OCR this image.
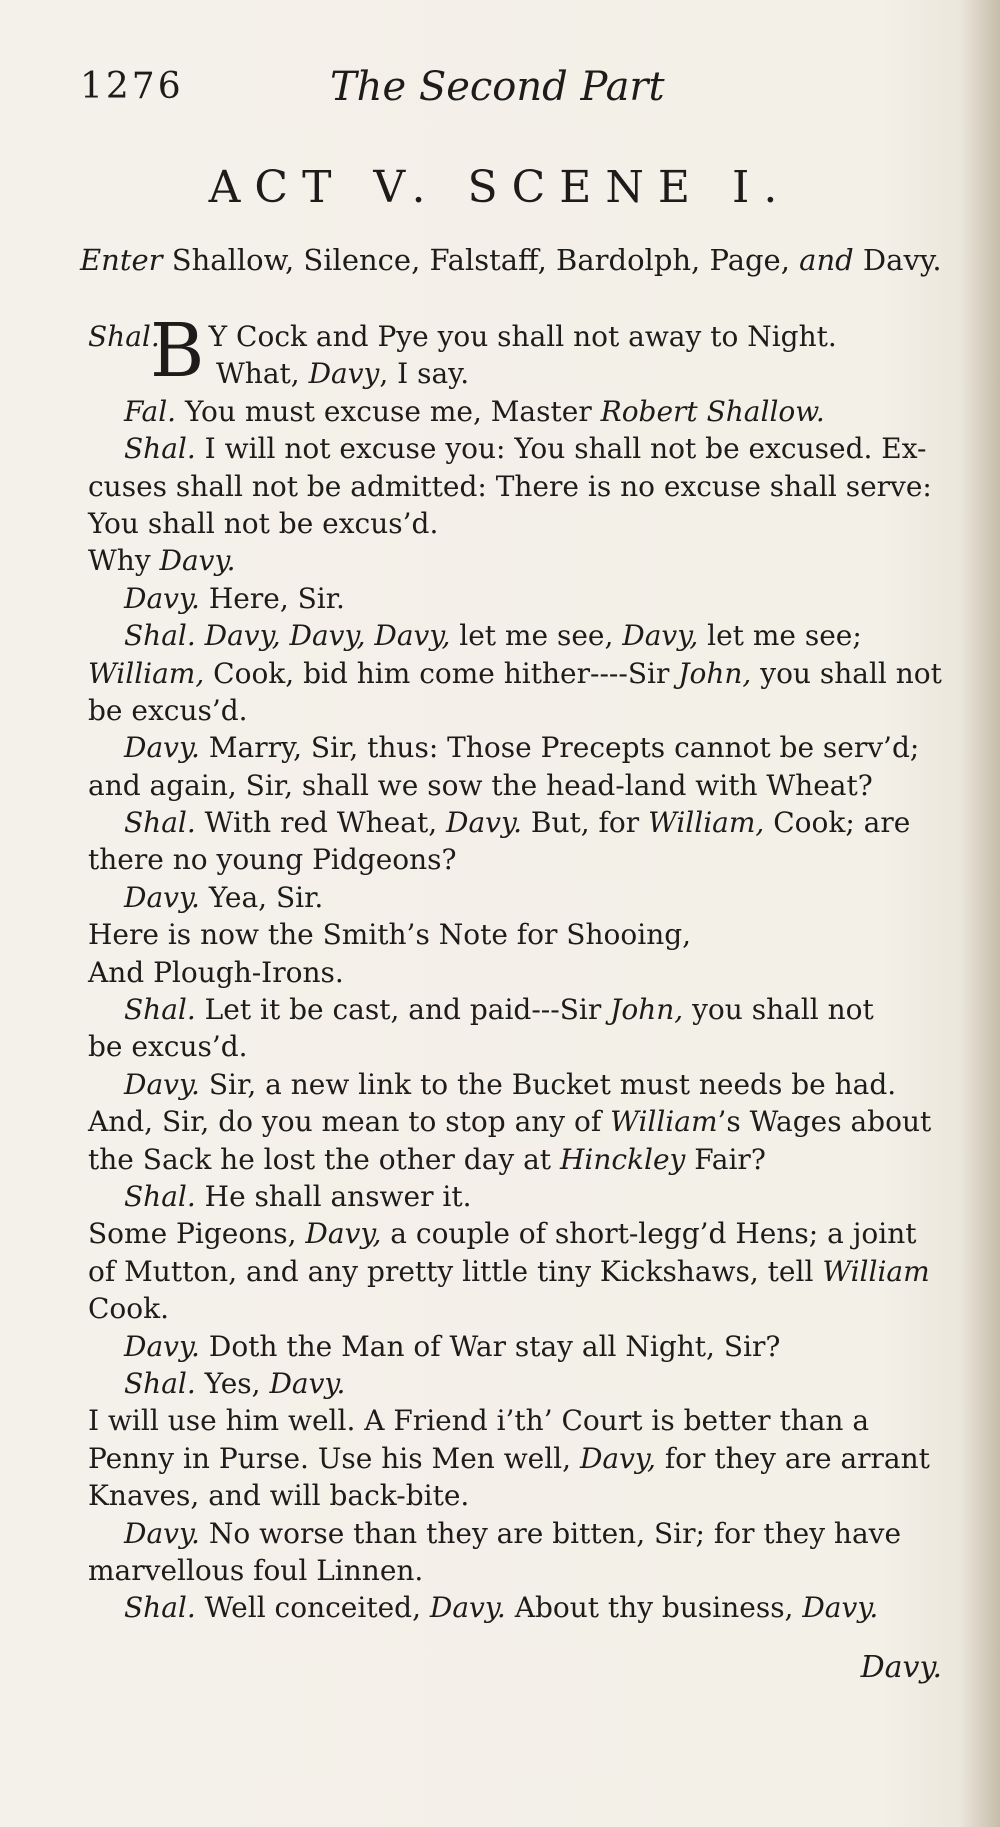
1276	The Second Part
ACT V. SCENE I.
Enter Shallow, Silence, Falstaff, Bardolph, Page, and Davy.
Shal.
B Y Cock and Pye you shall not away to Night.
What, Davy, I say.
Fal. You must excuse me, Master Robert Shallow.
Shal. I will not excuse you: You shall not be excused. Ex-
cuses shall not be admitted: There is no excuse shall serve:
You shall not be excus’d.
Why Davy.
Davy. Here, Sir.
Shal. Davy, Davy, Davy, let me see, Davy, let me see;
William, Cook, bid him come hither----Sir John, you shall not
be excus’d.
Davy. Marry, Sir, thus: Those Precepts cannot be serv’d;
and again, Sir, shall we sow the head-land with Wheat?
Shal. With red Wheat, Davy. But, for William, Cook; are
there no young Pidgeons?
Davy. Yea, Sir.
Here is now the Smith’s Note for Shooing,
And Plough-Irons.
Shal. Let it be cast, and paid---Sir John, you shall not
be excus’d.
Davy. Sir, a new link to the Bucket must needs be had.
And, Sir, do you mean to stop any of William’s Wages about
the Sack he lost the other day at Hinckley Fair?
Shal. He shall answer it.
Some Pigeons, Davy, a couple of short-legg’d Hens; a joint
of Mutton, and any pretty little tiny Kickshaws, tell William
Cook.
Davy. Doth the Man of War stay all Night, Sir?
Shal. Yes, Davy.
I will use him well. A Friend i’th’ Court is better than a
Penny in Purse. Use his Men well, Davy, for they are arrant
Knaves, and will back-bite.
Davy. No worse than they are bitten, Sir; for they have
marvellous foul Linnen.
Shal. Well conceited, Davy. About thy business, Davy.
Davy.
